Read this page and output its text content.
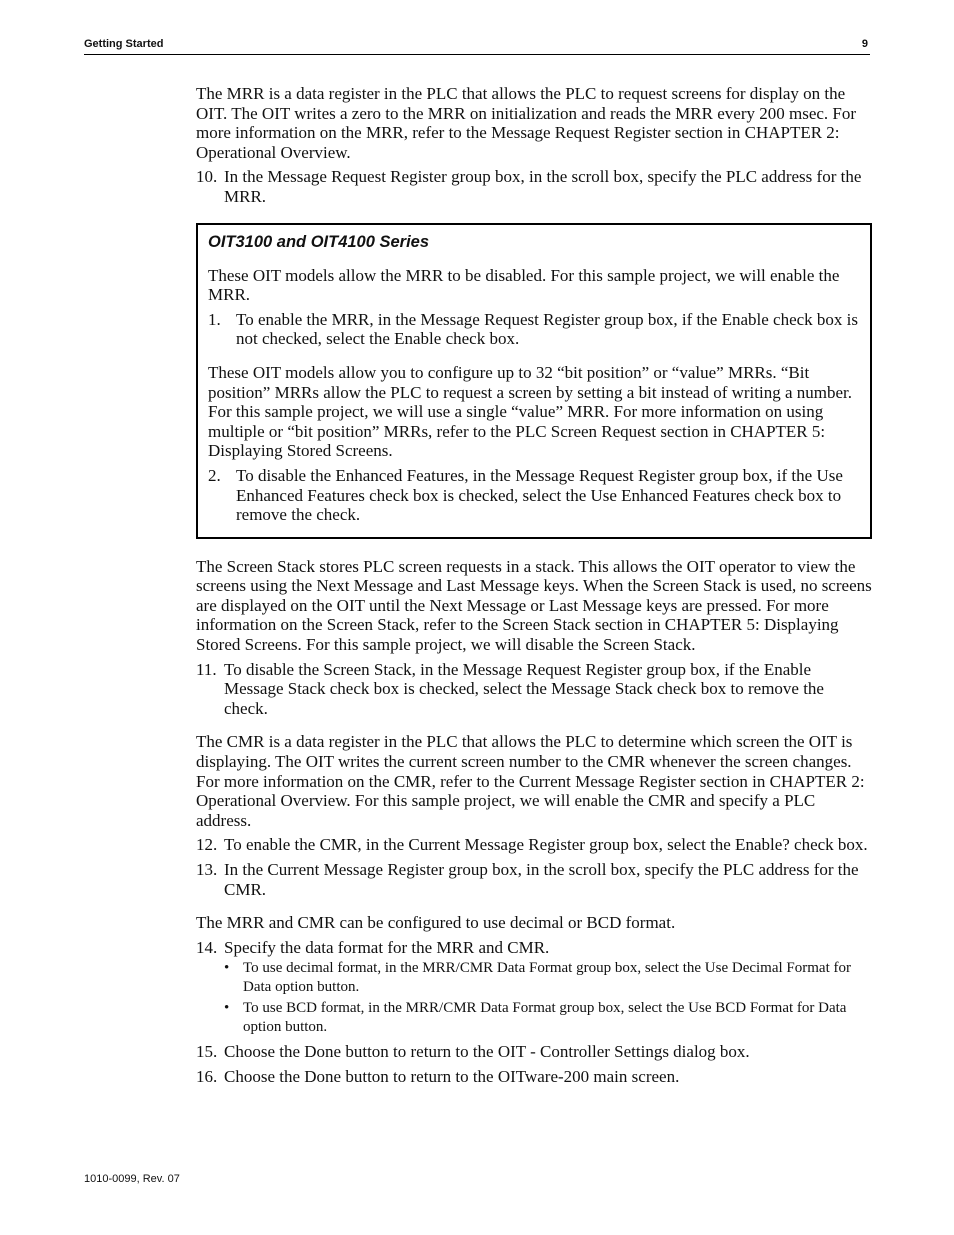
Getting Started	9

The MRR is a data register in the PLC that allows the PLC to request screens for display on the OIT. The OIT writes a zero to the MRR on initialization and reads the MRR every 200 msec. For more information on the MRR, refer to the Message Request Register section in CHAPTER 2: Operational Overview.

10. In the Message Request Register group box, in the scroll box, specify the PLC address for the MRR.
OIT3100 and OIT4100 Series

These OIT models allow the MRR to be disabled. For this sample project, we will enable the MRR.

1. To enable the MRR, in the Message Request Register group box, if the Enable check box is not checked, select the Enable check box.

These OIT models allow you to configure up to 32 “bit position” or “value” MRRs. “Bit position” MRRs allow the PLC to request a screen by setting a bit instead of writing a number. For this sample project, we will use a single “value” MRR. For more information on using multiple or “bit position” MRRs, refer to the PLC Screen Request section in CHAPTER 5: Displaying Stored Screens.

2. To disable the Enhanced Features, in the Message Request Register group box, if the Use Enhanced Features check box is checked, select the Use Enhanced Features check box to remove the check.

The Screen Stack stores PLC screen requests in a stack. This allows the OIT operator to view the screens using the Next Message and Last Message keys. When the Screen Stack is used, no screens are displayed on the OIT until the Next Message or Last Message keys are pressed. For more information on the Screen Stack, refer to the Screen Stack section in CHAPTER 5: Displaying Stored Screens. For this sample project, we will disable the Screen Stack.

11. To disable the Screen Stack, in the Message Request Register group box, if the Enable Message Stack check box is checked, select the Message Stack check box to remove the check.

The CMR is a data register in the PLC that allows the PLC to determine which screen the OIT is displaying. The OIT writes the current screen number to the CMR whenever the screen changes. For more information on the CMR, refer to the Current Message Register section in CHAPTER 2: Operational Overview. For this sample project, we will enable the CMR and specify a PLC address.

12. To enable the CMR, in the Current Message Register group box, select the Enable? check box.
13. In the Current Message Register group box, in the scroll box, specify the PLC address for the CMR.

The MRR and CMR can be configured to use decimal or BCD format.

14. Specify the data format for the MRR and CMR.
• To use decimal format, in the MRR/CMR Data Format group box, select the Use Decimal Format for Data option button.
• To use BCD format, in the MRR/CMR Data Format group box, select the Use BCD Format for Data option button.
15. Choose the Done button to return to the OIT - Controller Settings dialog box.
16. Choose the Done button to return to the OITware-200 main screen.
1010-0099, Rev. 07
